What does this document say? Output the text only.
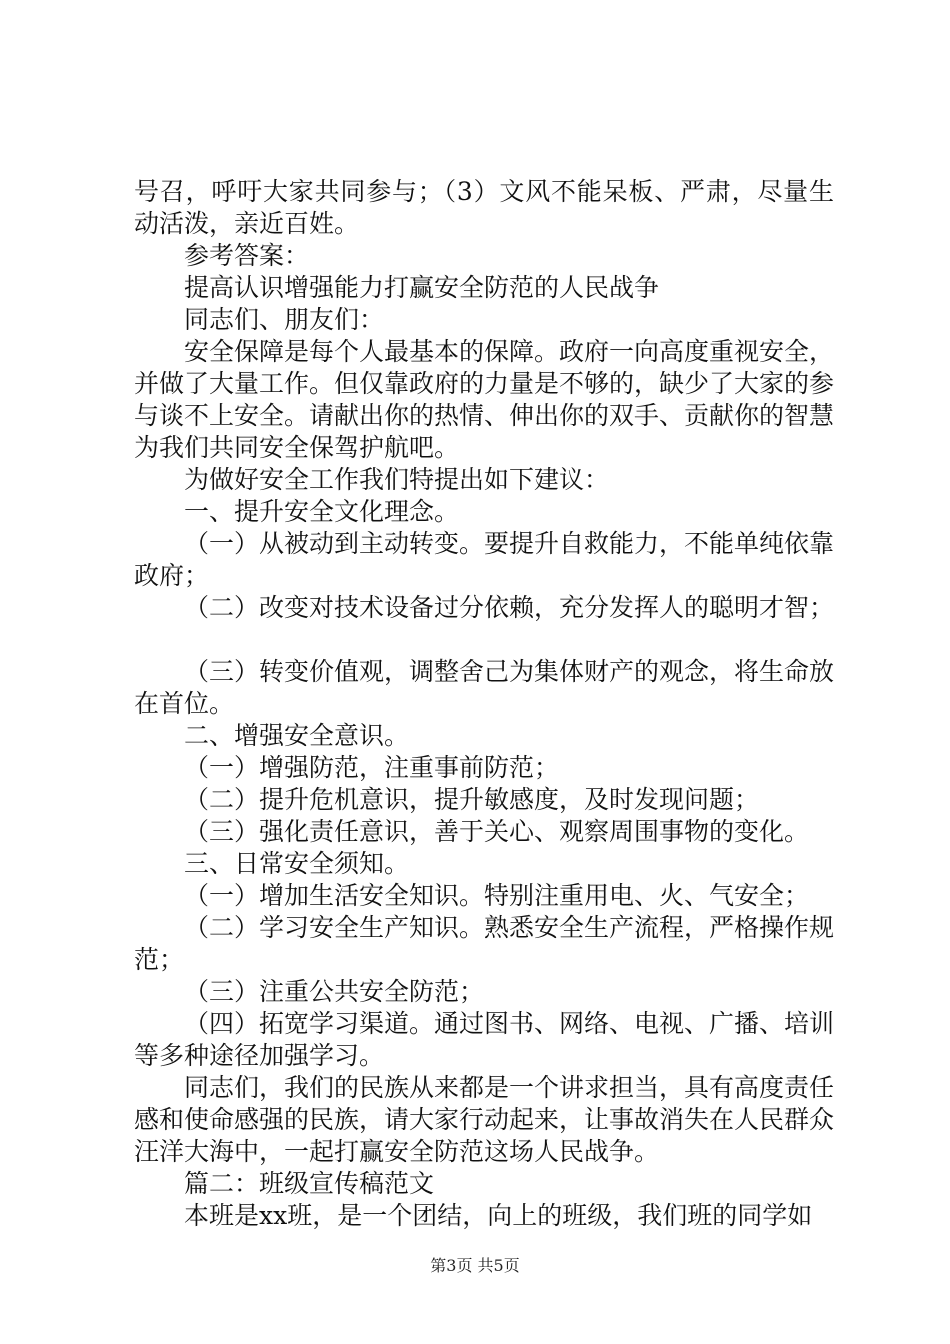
号召，呼吁大家共同参与；（3）文风不能呆板、严肃，尽量生动活泼，亲近百姓。

参考答案：

提高认识增强能力打赢安全防范的人民战争

同志们、朋友们：

安全保障是每个人最基本的保障。政府一向高度重视安全，并做了大量工作。但仅靠政府的力量是不够的，缺少了大家的参与谈不上安全。请献出你的热情、伸出你的双手、贡献你的智慧为我们共同安全保驾护航吧。

为做好安全工作我们特提出如下建议：

一、提升安全文化理念。

（一）从被动到主动转变。要提升自救能力，不能单纯依靠政府；

（二）改变对技术设备过分依赖，充分发挥人的聪明才智；

（三）转变价值观，调整舍己为集体财产的观念，将生命放在首位。

二、增强安全意识。

（一）增强防范，注重事前防范；

（二）提升危机意识，提升敏感度，及时发现问题；

（三）强化责任意识，善于关心、观察周围事物的变化。

三、日常安全须知。

（一）增加生活安全知识。特别注重用电、火、气安全；

（二）学习安全生产知识。熟悉安全生产流程，严格操作规范；

（三）注重公共安全防范；

（四）拓宽学习渠道。通过图书、网络、电视、广播、培训等多种途径加强学习。

同志们，我们的民族从来都是一个讲求担当，具有高度责任感和使命感强的民族，请大家行动起来，让事故消失在人民群众汪洋大海中，一起打赢安全防范这场人民战争。

篇二：班级宣传稿范文

本班是xx班，是一个团结，向上的班级，我们班的同学如

第3页 共5页
